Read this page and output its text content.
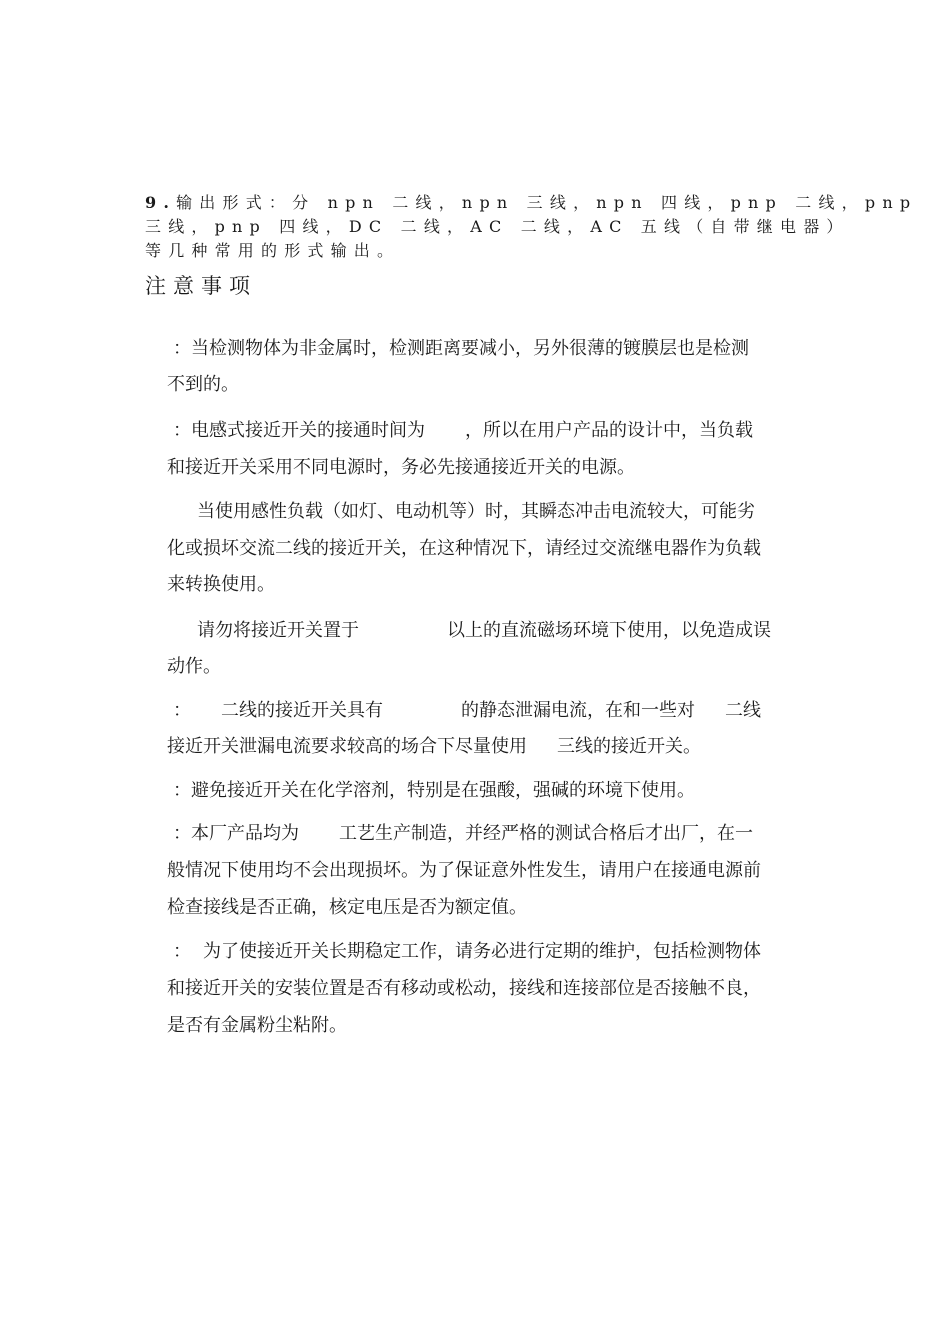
9.输出形式：分 npn 二线，npn 三线，npn 四线，pnp 二线，pnp
三线，pnp 四线，DC 二线，AC 二线，AC 五线（自带继电器）
等几种常用的形式输出。
注意事项
：当检测物体为非金属时，检测距离要减小，另外很薄的镀膜层也是检测
不到的。
：电感式接近开关的接通时间为 ，所以在用户产品的设计中，当负载
和接近开关采用不同电源时，务必先接通接近开关的电源。
当使用感性负载（如灯、电动机等）时，其瞬态冲击电流较大，可能劣
化或损坏交流二线的接近开关，在这种情况下，请经过交流继电器作为负载
来转换使用。
请勿将接近开关置于	以上的直流磁场环境下使用，以免造成误
动作。
： 二线的接近开关具有	的静态泄漏电流，在和一些对 二线
接近开关泄漏电流要求较高的场合下尽量使用 三线的接近开关。
：避免接近开关在化学溶剂，特别是在强酸，强碱的环境下使用。
：本厂产品均为 工艺生产制造，并经严格的测试合格后才出厂，在一
般情况下使用均不会出现损坏。为了保证意外性发生，请用户在接通电源前
检查接线是否正确，核定电压是否为额定值。
： 为了使接近开关长期稳定工作，请务必进行定期的维护，包括检测物体
和接近开关的安装位置是否有移动或松动，接线和连接部位是否接触不良，
是否有金属粉尘粘附。
